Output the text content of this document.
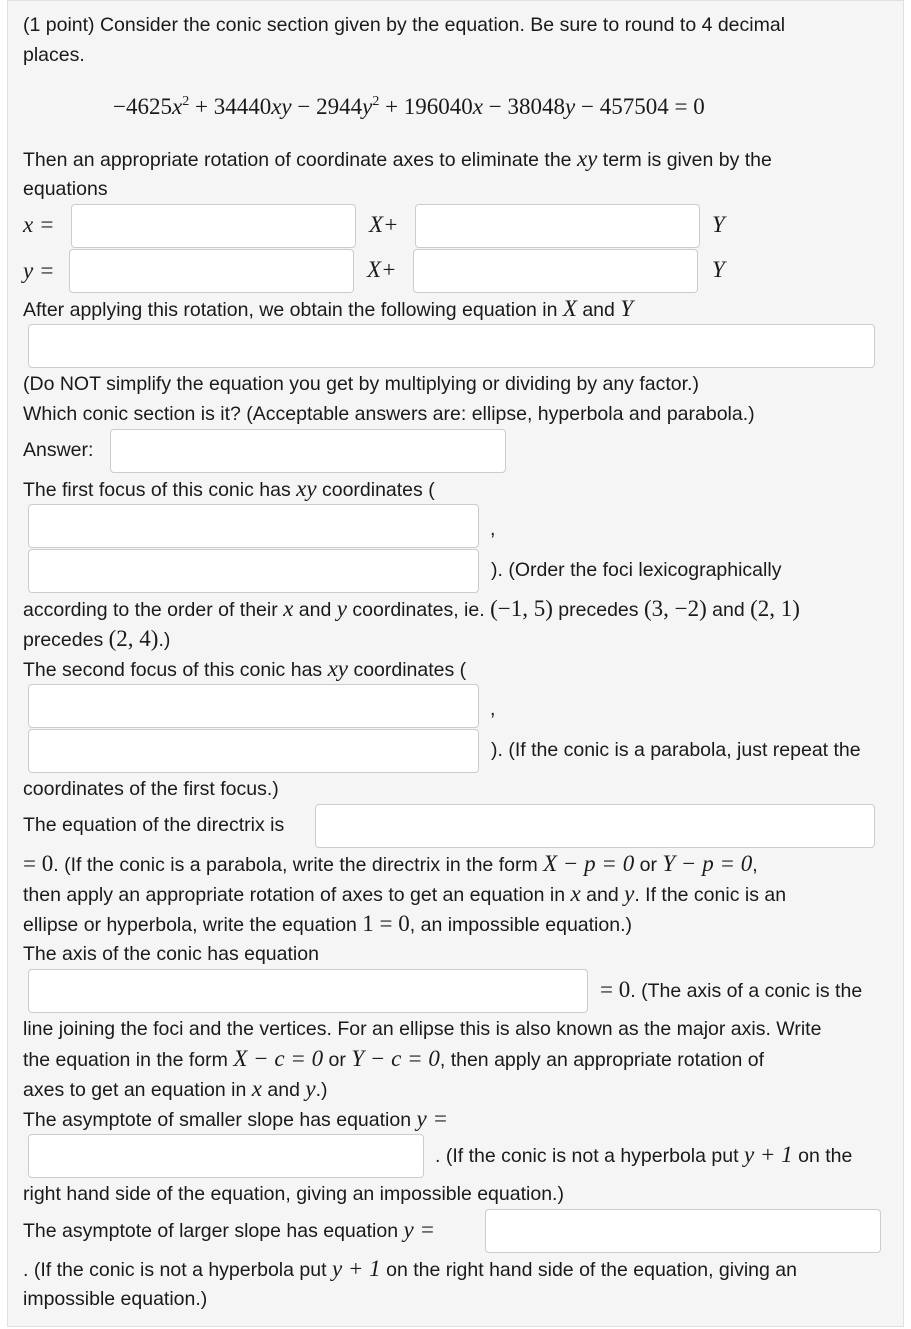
(1 point) Consider the conic section given by the equation. Be sure to round to 4 decimal
places.
$-4625x^2 + 34440xy - 2944y^2 + 196040x - 38048y - 457504 = 0$
Then an appropriate rotation of coordinate axes to eliminate the xy term is given by the
equations
x =	X+	Y
y =	X+	Y
After applying this rotation, we obtain the following equation in X and Y
(Do NOT simplify the equation you get by multiplying or dividing by any factor.)
Which conic section is it? (Acceptable answers are: ellipse, hyperbola and parabola.)
Answer:
The first focus of this conic has xy coordinates (
,
). (Order the foci lexicographically
according to the order of their x and y coordinates, ie. (−1, 5) precedes (3, −2) and (2, 1)
precedes (2, 4).)
The second focus of this conic has xy coordinates (
,
). (If the conic is a parabola, just repeat the
coordinates of the first focus.)
The equation of the directrix is
= 0. (If the conic is a parabola, write the directrix in the form X − p = 0 or Y − p = 0,
then apply an appropriate rotation of axes to get an equation in x and y. If the conic is an
ellipse or hyperbola, write the equation 1 = 0, an impossible equation.)
The axis of the conic has equation
= 0. (The axis of a conic is the
line joining the foci and the vertices. For an ellipse this is also known as the major axis. Write
the equation in the form X − c = 0 or Y − c = 0, then apply an appropriate rotation of
axes to get an equation in x and y.)
The asymptote of smaller slope has equation y =
. (If the conic is not a hyperbola put y + 1 on the
right hand side of the equation, giving an impossible equation.)
The asymptote of larger slope has equation y =
. (If the conic is not a hyperbola put y + 1 on the right hand side of the equation, giving an
impossible equation.)
